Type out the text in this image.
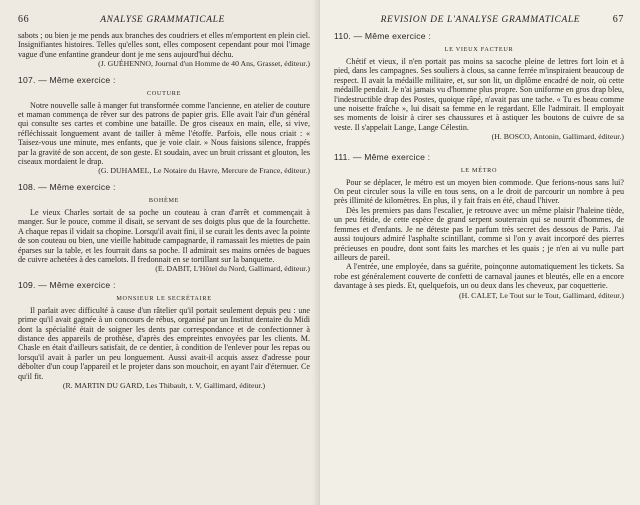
66	ANALYSE GRAMMATICALE

sabots ; ou bien je me pends aux branches des coudriers et elles m'emportent en plein ciel. Insignifiantes histoires. Telles qu'elles sont, elles composent cependant pour moi l'image vague d'une enfantine grandeur dont je me sens aujourd'hui déchu.

(J. GUÉHENNO, Journal d'un Homme de 40 Ans, Grasset, éditeur.)
107. — Même exercice :
COUTURE

Notre nouvelle salle à manger fut transformée comme l'ancienne, en atelier de couture et maman commença de rêver sur des patrons de papier gris. Elle avait l'air d'un général qui consulte ses cartes et combine une bataille. De gros ciseaux en main, elle, si vive, réfléchissait longuement avant de tailler à même l'étoffe. Parfois, elle nous criait : « Taisez-vous une minute, mes enfants, que je voie clair. » Nous faisions silence, frappés par la gravité de son accent, de son geste. Et soudain, avec un bruit crissant et glouton, les ciseaux mordaient le drap.

(G. DUHAMEL, Le Notaire du Havre, Mercure de France, éditeur.)
108. — Même exercice :
BOHÈME

Le vieux Charles sortait de sa poche un couteau à cran d'arrêt et commençait à manger. Sur le pouce, comme il disait, se servant de ses doigts plus que de la fourchette. A chaque repas il vidait sa chopine. Lorsqu'il avait fini, il se curait les dents avec la pointe de son couteau ou bien, une vieille habitude campagnarde, il ramassait les miettes de pain éparses sur la table, et les fourrait dans sa poche. Il admirait ses mains ornées de bagues de cuivre achetées à des camelots. Il fredonnait en se tortillant sur la banquette.

(E. DABIT, L'Hôtel du Nord, Gallimard, éditeur.)
109. — Même exercice :
MONSIEUR LE SECRÉTAIRE

Il parlait avec difficulté à cause d'un râtelier qu'il portait seulement depuis peu : une prime qu'il avait gagnée à un concours de rébus, organisé par un Institut dentaire du Midi dont la spécialité était de soigner les dents par correspondance et de confectionner à distance des appareils de prothèse, d'après des empreintes envoyées par les clients. M. Chasle en était d'ailleurs satisfait, de ce dentier, à condition de l'enlever pour les repas ou lorsqu'il avait à parler un peu longuement. Aussi avait-il acquis assez d'adresse pour débolter d'un coup l'appareil et le projeter dans son mouchoir, en ayant l'air d'éternuer. Ce qu'il fit.

(R. MARTIN DU GARD, Les Thibault, t. V, Gallimard, éditeur.)
REVISION DE L'ANALYSE GRAMMATICALE	67
110. — Même exercice :
LE VIEUX FACTEUR

Chétif et vieux, il n'en portait pas moins sa sacoche pleine de lettres fort loin et à pied, dans les campagnes. Ses souliers à clous, sa canne ferrée m'inspiraient beaucoup de respect. Il avait la médaille militaire, et, sur son lit, un diplôme encadré de noir, où cette médaille pendait. Je n'ai jamais vu d'homme plus propre. Son uniforme en gros drap bleu, l'indestructible drap des Postes, quoique râpé, n'avait pas une tache. « Tu es beau comme une noisette fraîche », lui disait sa femme en le regardant. Elle l'admirait. Il employait ses moments de loisir à cirer ses chaussures et à astiquer les boutons de cuivre de sa veste. Il s'appelait Lange, Lange Célestin.

(H. BOSCO, Antonin, Gallimard, éditeur.)
111. — Même exercice :
LE MÉTRO

Pour se déplacer, le métro est un moyen bien commode. Que ferions-nous sans lui? On peut circuler sous la ville en tous sens, on a le droit de parcourir un nombre à peu près illimité de kilomètres. En plus, il y fait frais en été, chaud l'hiver.

Dès les premiers pas dans l'escalier, je retrouve avec un même plaisir l'haleine tiède, un peu fétide, de cette espèce de grand serpent souterrain qui se nourrit d'hommes, de femmes et d'enfants. Je ne déteste pas le parfum très secret des dessous de Paris. J'ai aussi toujours admiré l'asphalte scintillant, comme si l'on y avait incorporé des pierres précieuses en poudre, dont sont faits les marches et les quais ; je n'en ai vu nulle part ailleurs de pareil.

A l'entrée, une employée, dans sa guérite, poinçonne automatiquement les tickets. Sa robe est généralement couverte de confetti de carnaval jaunes et bleutés, elle en a encore davantage à ses pieds. Et, quelquefois, un ou deux dans les cheveux, par coquetterie.

(H. CALET, Le Tout sur le Tout, Gallimard, éditeur.)
